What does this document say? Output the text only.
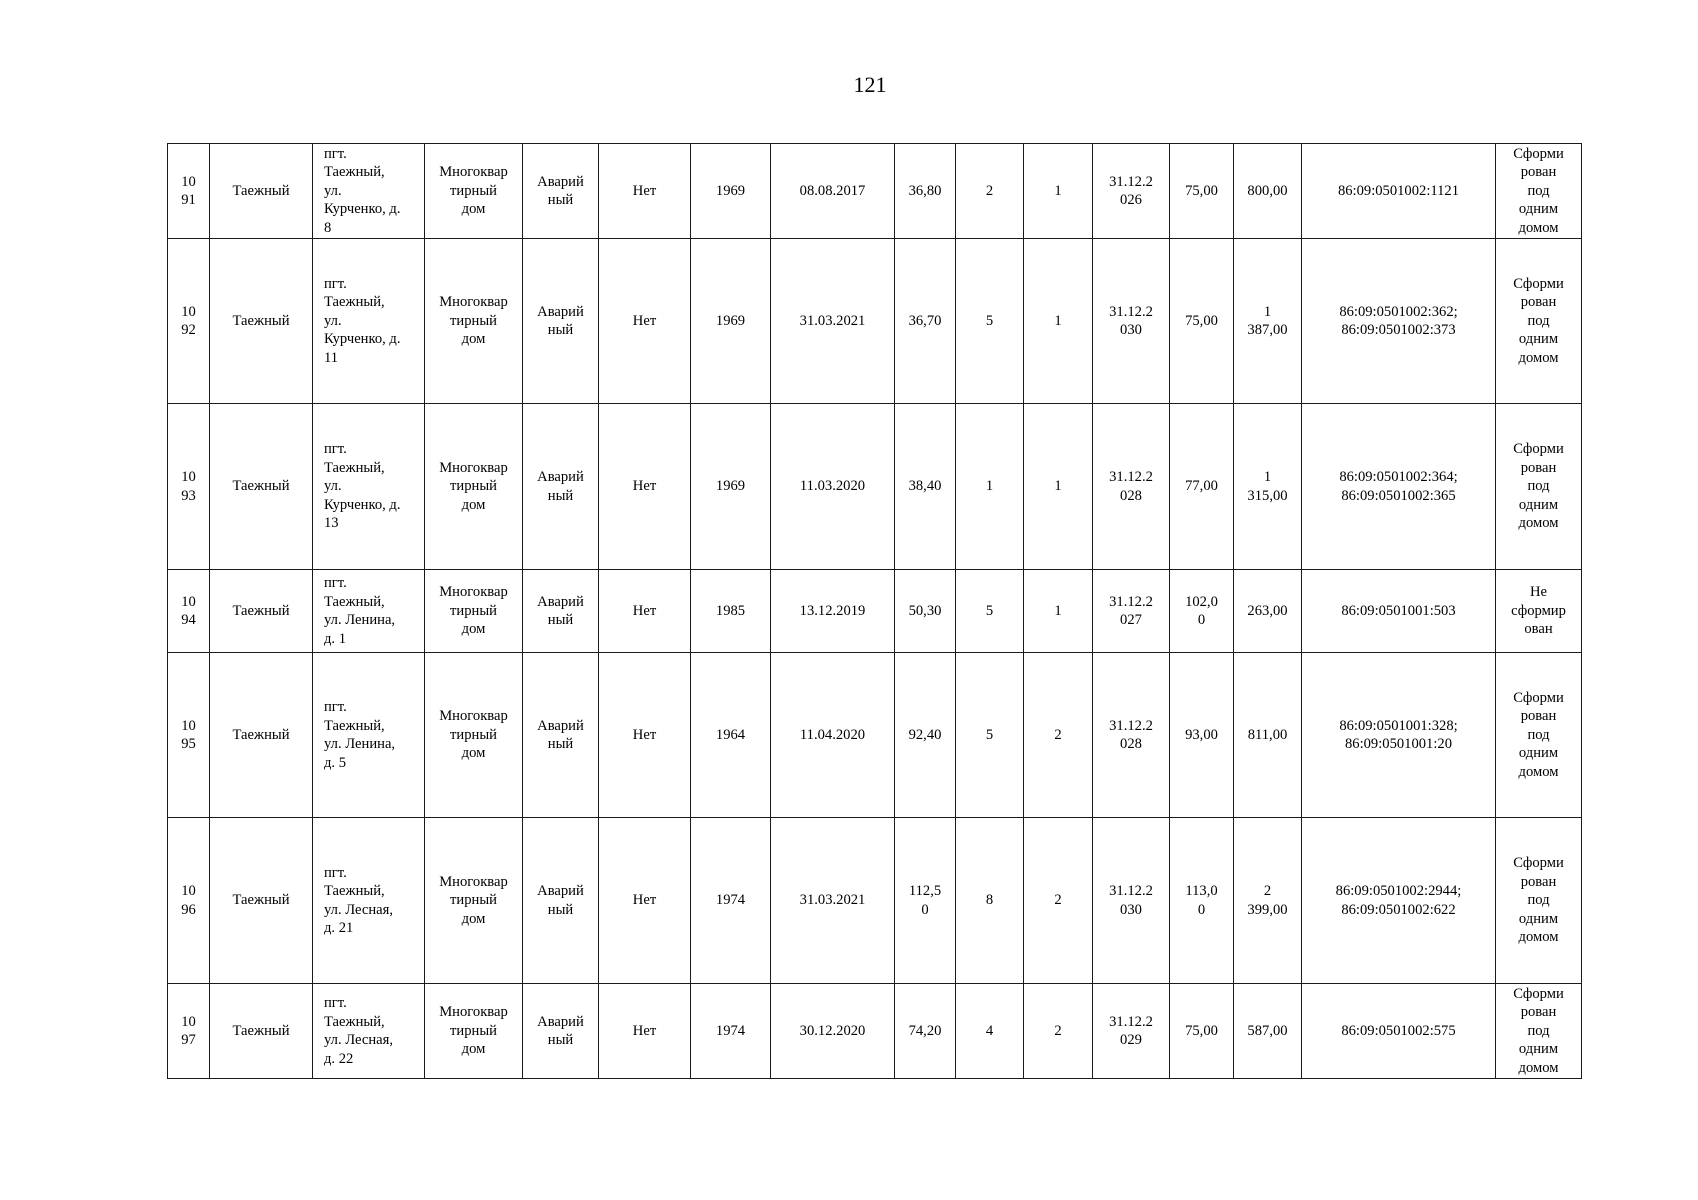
121
10
91	Таежный	пгт.
Таежный,
ул.
Курченко, д.
8	Многоквар
тирный
дом	Аварий
ный	Нет	1969	08.08.2017	36,80	2	1	31.12.2
026	75,00	800,00	86:09:0501002:1121	Сформи
рован
под
одним
домом

10
92	Таежный	пгт.
Таежный,
ул.
Курченко, д.
11	Многоквар
тирный
дом	Аварий
ный	Нет	1969	31.03.2021	36,70	5	1	31.12.2
030	75,00	1
387,00	86:09:0501002:362;
86:09:0501002:373	Сформи
рован
под
одним
домом

10
93	Таежный	пгт.
Таежный,
ул.
Курченко, д.
13	Многоквар
тирный
дом	Аварий
ный	Нет	1969	11.03.2020	38,40	1	1	31.12.2
028	77,00	1
315,00	86:09:0501002:364;
86:09:0501002:365	Сформи
рован
под
одним
домом

10
94	Таежный	пгт.
Таежный,
ул. Ленина,
д. 1	Многоквар
тирный
дом	Аварий
ный	Нет	1985	13.12.2019	50,30	5	1	31.12.2
027	102,0
0	263,00	86:09:0501001:503	Не
сформир
ован

10
95	Таежный	пгт.
Таежный,
ул. Ленина,
д. 5	Многоквар
тирный
дом	Аварий
ный	Нет	1964	11.04.2020	92,40	5	2	31.12.2
028	93,00	811,00	86:09:0501001:328;
86:09:0501001:20	Сформи
рован
под
одним
домом

10
96	Таежный	пгт.
Таежный,
ул. Лесная,
д. 21	Многоквар
тирный
дом	Аварий
ный	Нет	1974	31.03.2021	112,5
0	8	2	31.12.2
030	113,0
0	2
399,00	86:09:0501002:2944;
86:09:0501002:622	Сформи
рован
под
одним
домом

10
97	Таежный	пгт.
Таежный,
ул. Лесная,
д. 22	Многоквар
тирный
дом	Аварий
ный	Нет	1974	30.12.2020	74,20	4	2	31.12.2
029	75,00	587,00	86:09:0501002:575	Сформи
рован
под
одним
домом
